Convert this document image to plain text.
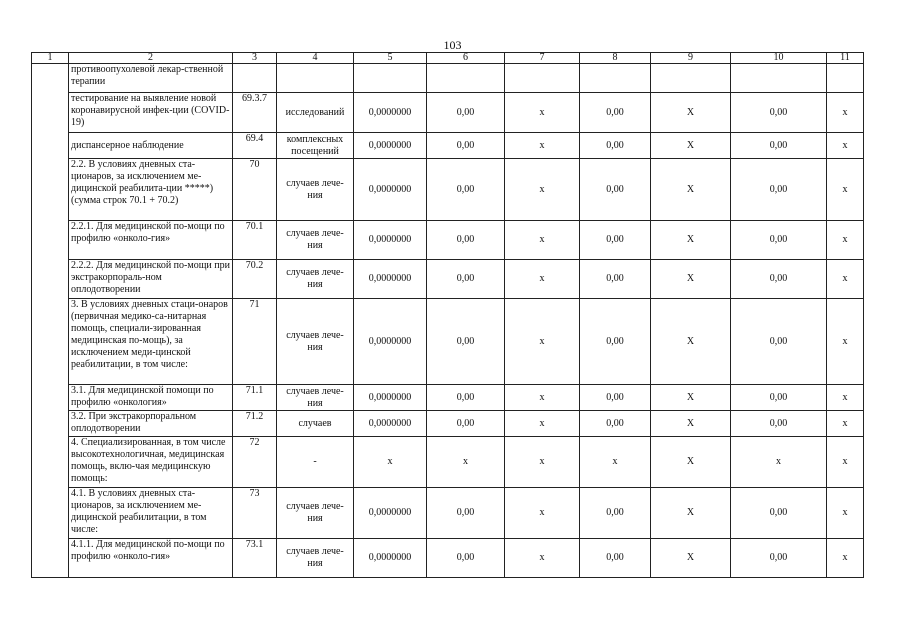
103
1	2	3	4	5	6	7	8	9	10	11
	противоопухолевой лекар-ственной терапии									
	тестирование на выявление новой коронавирусной инфек-ции (COVID-19)	69.3.7	исследований	0,0000000	0,00	х	0,00	X	0,00	х
	диспансерное наблюдение	69.4	комплексных посещений	0,0000000	0,00	х	0,00	X	0,00	х
	2.2. В условиях дневных ста-ционаров, за исключением ме-дицинской реабилита-ции *****) (сумма строк 70.1 + 70.2)	70	случаев лече-ния	0,0000000	0,00	х	0,00	X	0,00	х
	2.2.1. Для медицинской по-мощи по профилю «онколо-гия»	70.1	случаев лече-ния	0,0000000	0,00	х	0,00	X	0,00	х
	2.2.2. Для медицинской по-мощи при экстракорпораль-ном оплодотворении	70.2	случаев лече-ния	0,0000000	0,00	х	0,00	X	0,00	х
	3. В условиях дневных стаци-онаров (первичная медико-са-нитарная помощь, специали-зированная медицинская по-мощь), за исключением меди-цинской реабилитации, в том числе:	71	случаев лече-ния	0,0000000	0,00	х	0,00	X	0,00	х
	3.1. Для медицинской помощи по профилю «онкология»	71.1	случаев лече-ния	0,0000000	0,00	х	0,00	X	0,00	х
	3.2. При экстракорпоральном оплодотворении	71.2	случаев	0,0000000	0,00	х	0,00	X	0,00	х
	4. Специализированная, в том числе высокотехнологичная, медицинская помощь, вклю-чая медицинскую помощь:	72	-	х	х	х	х	X	х	х
	4.1. В условиях дневных ста-ционаров, за исключением ме-дицинской реабилитации, в том числе:	73	случаев лече-ния	0,0000000	0,00	х	0,00	X	0,00	х
	4.1.1. Для медицинской по-мощи по профилю «онколо-гия»	73.1	случаев лече-ния	0,0000000	0,00	х	0,00	X	0,00	х
